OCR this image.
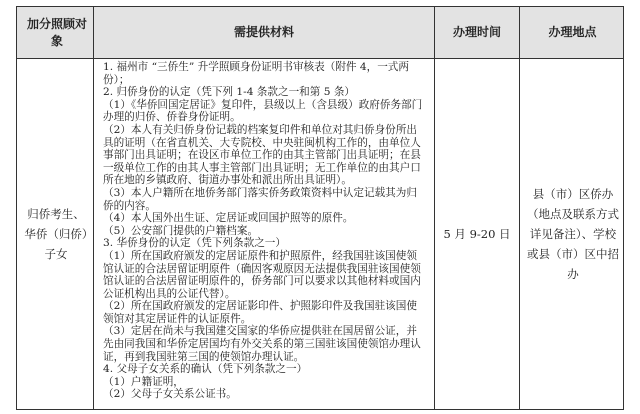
加分照顾对象
需提供材料	办理时间	办理地点
归侨考生、华侨（归侨）子女
5 月 9-20 日
县（市）区侨办（地点及联系方式详见备注）、学校或县（市）区中招办
1. 福州市 “三侨生” 升学照顾身份证明书审核表（附件 4，一式两份）；
2. 归侨身份的认定（凭下列 1-4 条款之一和第 5 条）
（1）《华侨回国定居证》复印件，县级以上（含县级）政府侨务部门办理的归侨、侨眷身份证明。
（2）本人有关归侨身份记载的档案复印件和单位对其归侨身份所出具的证明（在省直机关、大专院校、中央驻闽机构工作的，由单位人事部门出具证明；在设区市单位工作的由其主管部门出具证明；在县一级单位工作的由其人事主管部门出具证明；无工作单位的由其户口所在地的乡镇政府、街道办事处和派出所出具证明）。
（3）本人户籍所在地侨务部门落实侨务政策资料中认定记载其为归侨的内容。
（4）本人国外出生证、定居证或回国护照等的原件。
（5）公安部门提供的户籍档案。
3. 华侨身份的认定（凭下列条款之一）
（1）所在国政府颁发的定居证原件和护照原件，经我国驻该国使领馆认证的合法居留证明原件（确因客观原因无法提供我国驻该国使领馆认证的合法居留证明原件的，侨务部门可以要求以其他材料或国内公证机构出具的公证代替）。
（2）所在国政府颁发的定居证影印件、护照影印件及我国驻该国使领馆对其定居证件的认证原件。
（3）定居在尚未与我国建交国家的华侨应提供驻在国居留公证，并先由同我国和华侨定居国均有外交关系的第三国驻该国使领馆办理认证，再到我国驻第三国的使领馆办理认证。
4. 父母子女关系的确认（凭下列条款之一）
（1）户籍证明，
（2）父母子女关系公证书。
